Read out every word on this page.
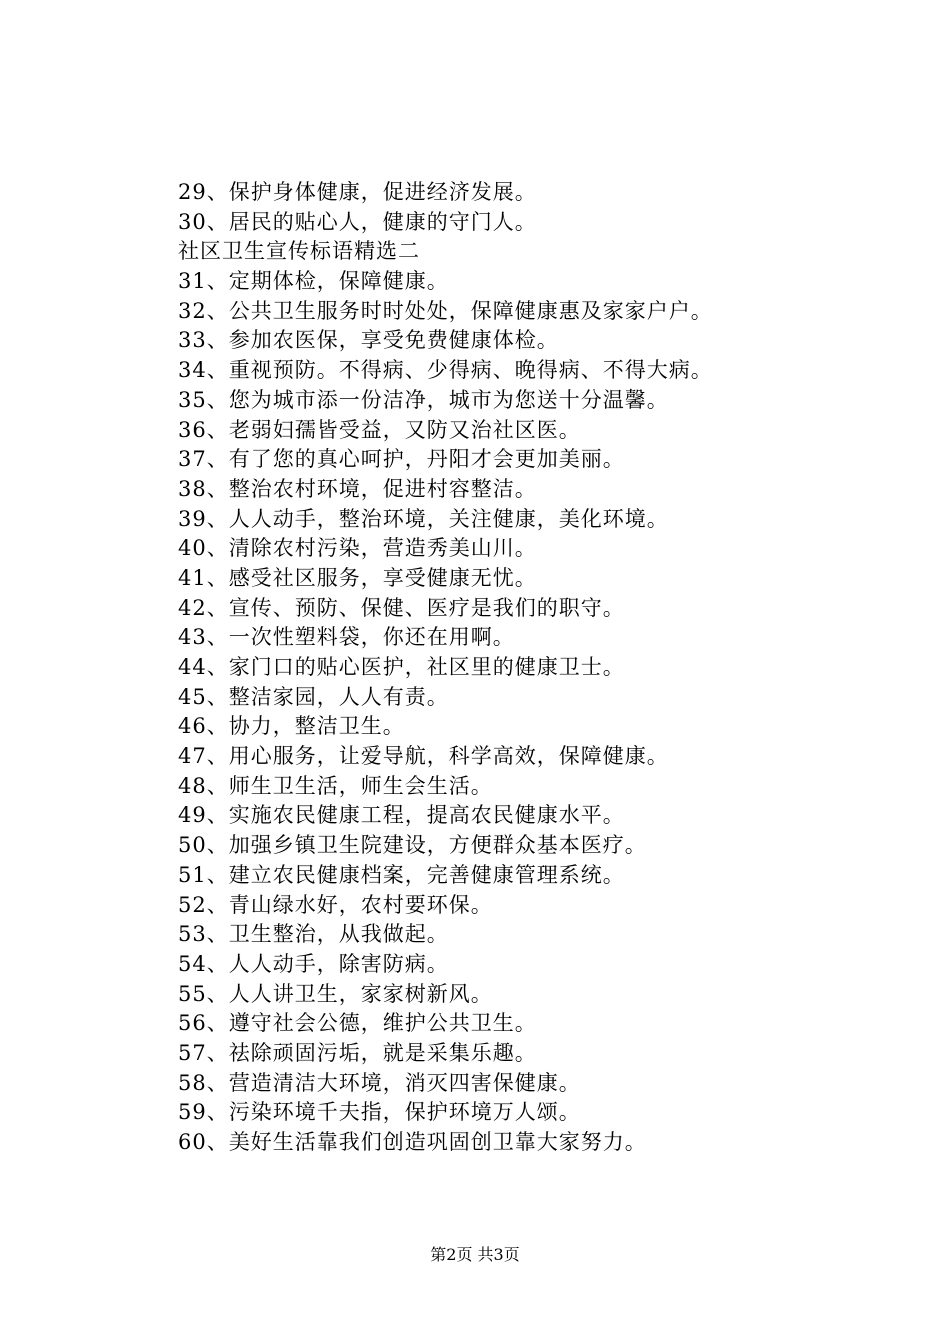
29、保护身体健康，促进经济发展。
30、居民的贴心人，健康的守门人。
社区卫生宣传标语精选二
31、定期体检，保障健康。
32、公共卫生服务时时处处，保障健康惠及家家户户。
33、参加农医保，享受免费健康体检。
34、重视预防。不得病、少得病、晚得病、不得大病。
35、您为城市添一份洁净，城市为您送十分温馨。
36、老弱妇孺皆受益，又防又治社区医。
37、有了您的真心呵护，丹阳才会更加美丽。
38、整治农村环境，促进村容整洁。
39、人人动手，整治环境，关注健康，美化环境。
40、清除农村污染，营造秀美山川。
41、感受社区服务，享受健康无忧。
42、宣传、预防、保健、医疗是我们的职守。
43、一次性塑料袋，你还在用啊。
44、家门口的贴心医护，社区里的健康卫士。
45、整洁家园，人人有责。
46、协力，整洁卫生。
47、用心服务，让爱导航，科学高效，保障健康。
48、师生卫生活，师生会生活。
49、实施农民健康工程，提高农民健康水平。
50、加强乡镇卫生院建设，方便群众基本医疗。
51、建立农民健康档案，完善健康管理系统。
52、青山绿水好，农村要环保。
53、卫生整治，从我做起。
54、人人动手，除害防病。
55、人人讲卫生，家家树新风。
56、遵守社会公德，维护公共卫生。
57、祛除顽固污垢，就是采集乐趣。
58、营造清洁大环境，消灭四害保健康。
59、污染环境千夫指，保护环境万人颂。
60、美好生活靠我们创造巩固创卫靠大家努力。
第2页 共3页
